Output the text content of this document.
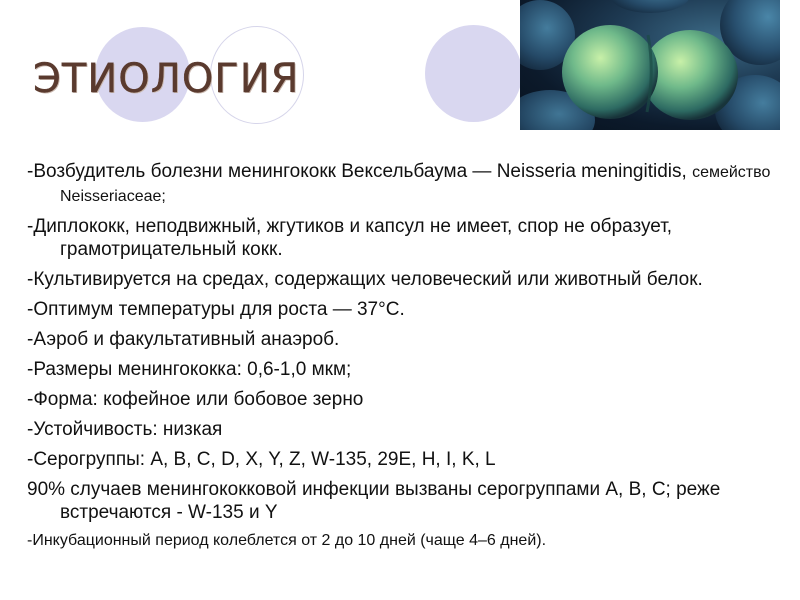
ЭТИОЛОГИЯ

-Возбудитель болезни менингококк Вексельбаума — Neisseria meningitidis, семейство Neisseriaceae;

-Диплококк, неподвижный, жгутиков и капсул не имеет, спор не образует, грамотрицательный кокк.

-Культивируется на средах, содержащих человеческий или животный белок.

-Оптимум температуры для роста — 37°C.

-Аэроб и факультативный анаэроб.

-Размеры менингококка: 0,6-1,0 мкм;

-Форма: кофейное или бобовое зерно

-Устойчивость: низкая

-Серогруппы: A, B, C, D, X, Y, Z, W-135, 29E, H, I, K, L

90% случаев менингококковой инфекции вызваны серогруппами A, B, C; реже встречаются - W-135 и Y

-Инкубационный период колеблется от 2 до 10 дней (чаще 4–6 дней).
